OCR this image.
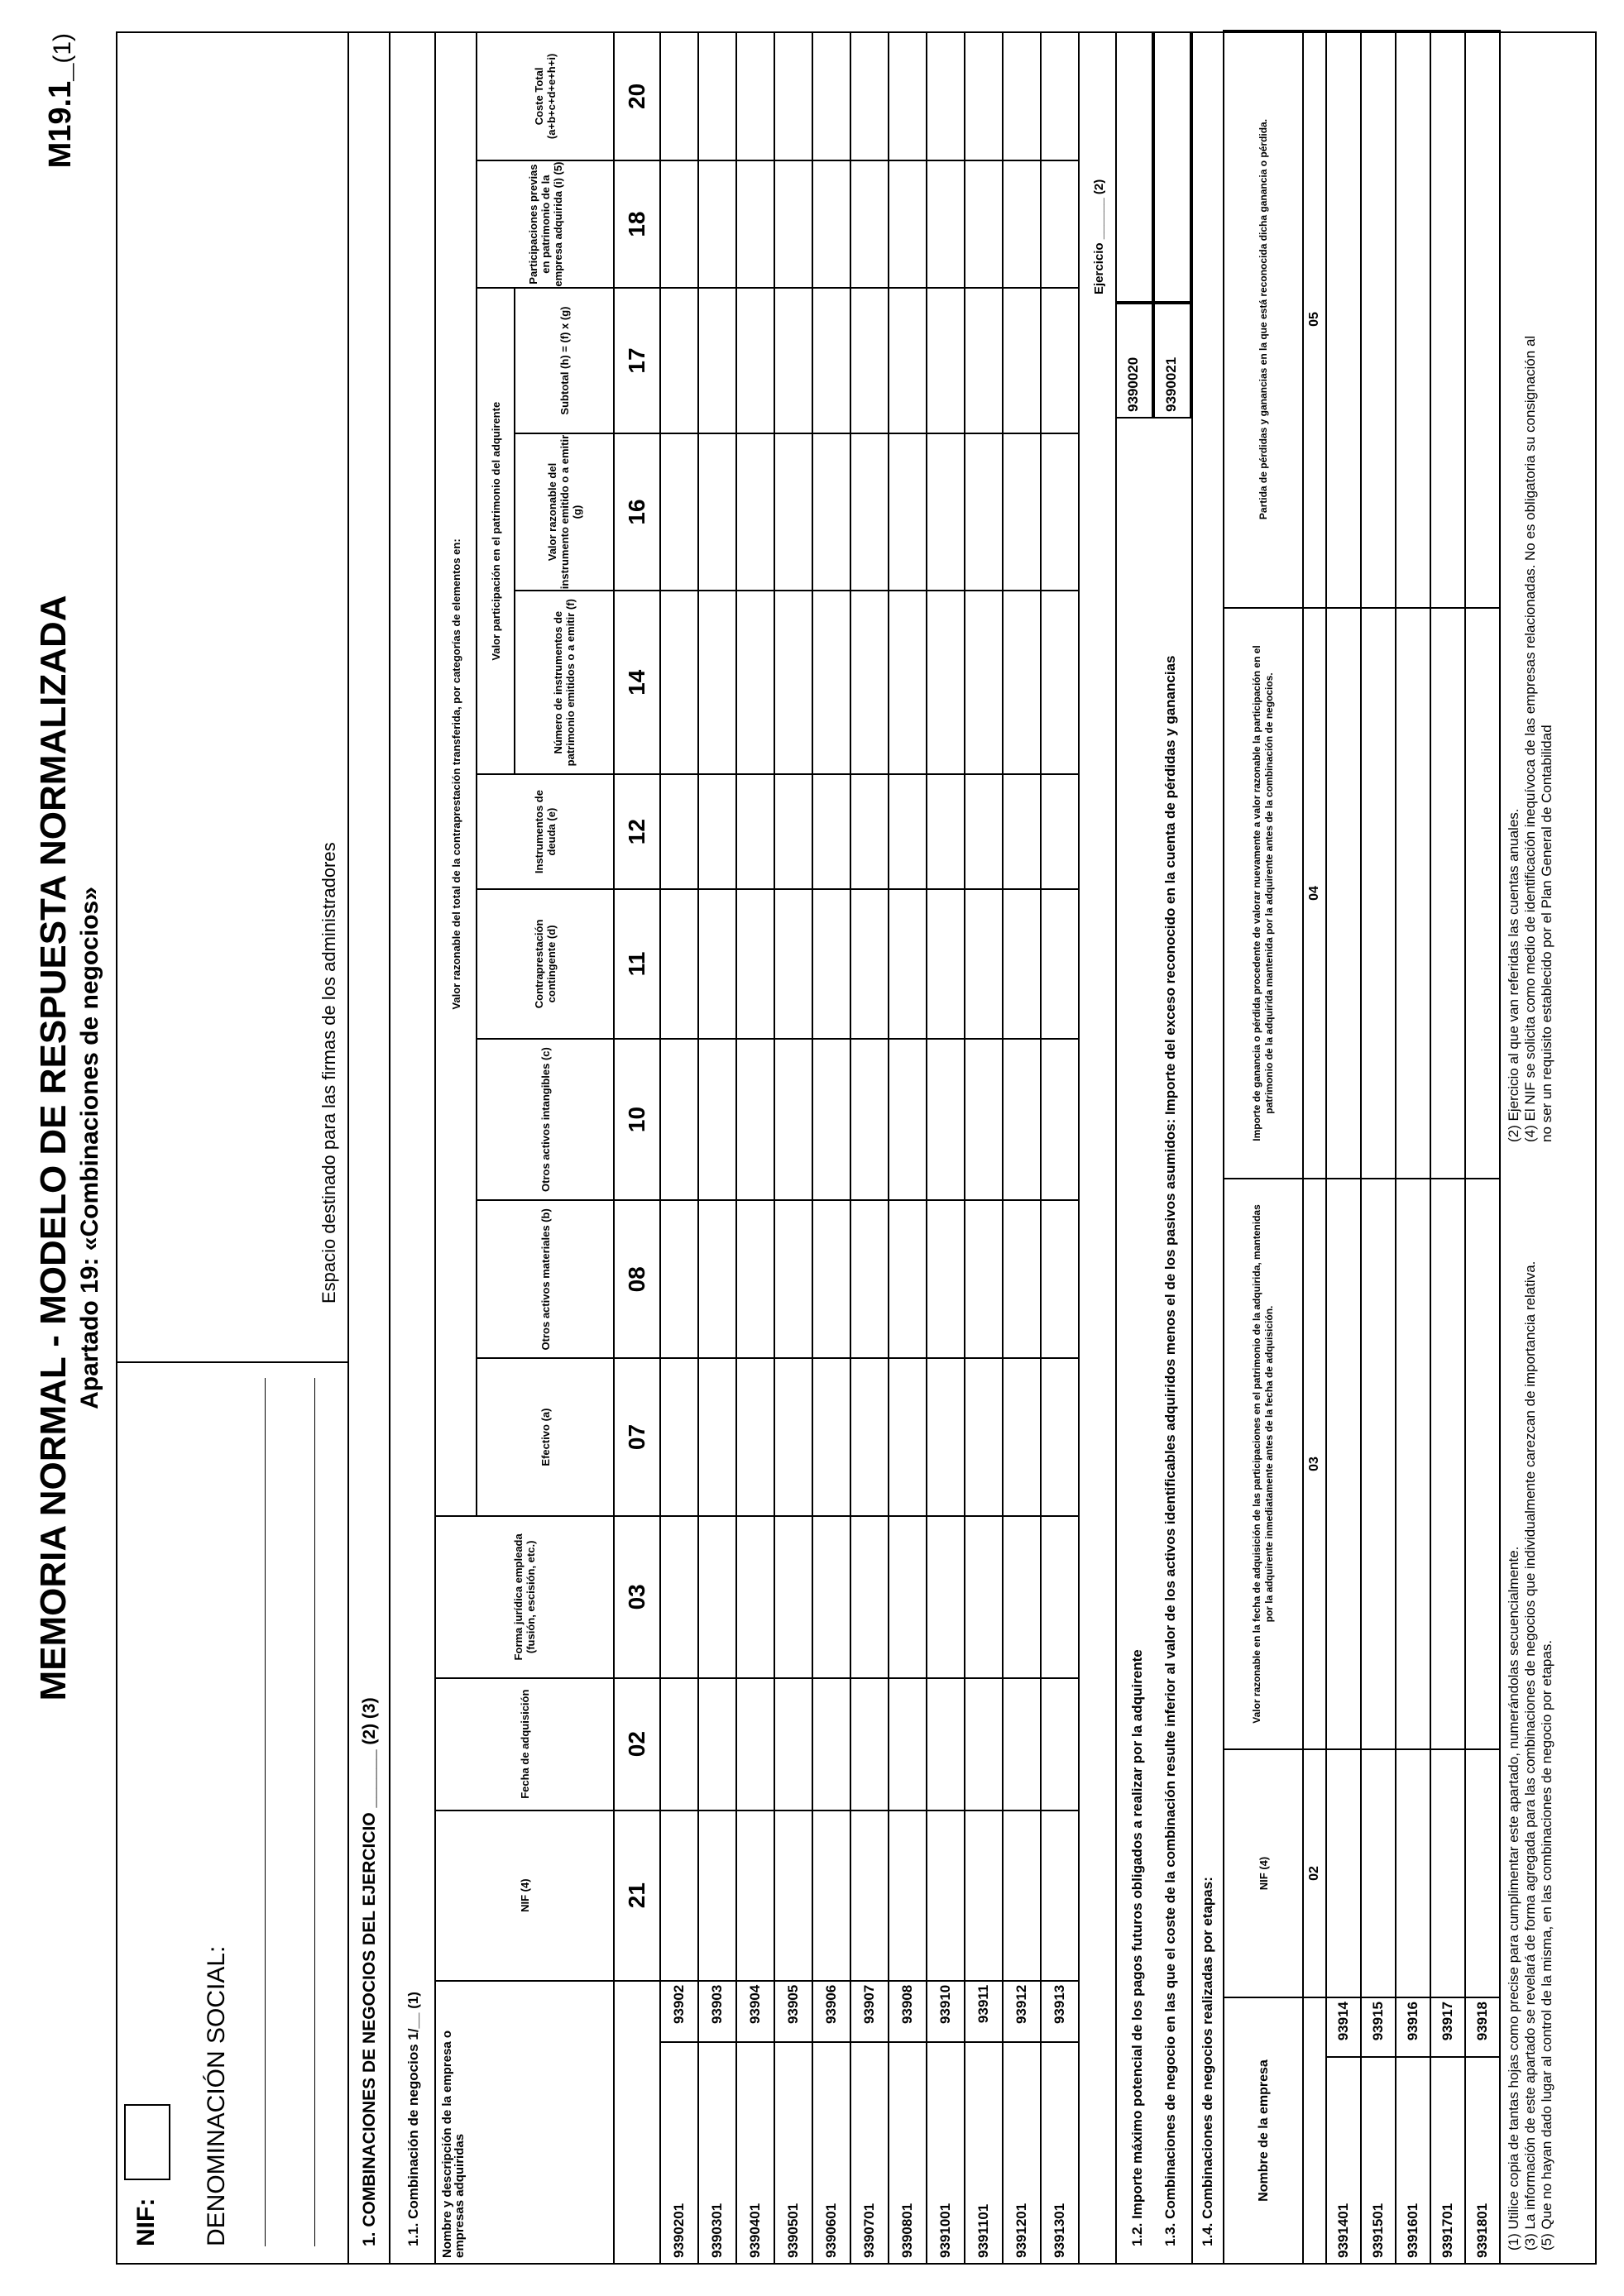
MEMORIA NORMAL - MODELO DE RESPUESTA NORMALIZADA Apartado 19: «Combinaciones de negocios»
M19.1_(1)
NIF: DENOMINACIÓN SOCIAL:
Espacio destinado para las firmas de los administradores
1. COMBINACIONES DE NEGOCIOS DEL EJERCICIO ______ (2) (3) 1.1. Combinación de negocios 1/__ (1) Nombre y descripción de la empresa o empresas adquiridas		NIF (4)	Fecha de adquisición	Forma jurídica empleada (fusión, escisión, etc.)	Valor razonable del total de la contraprestación transferida, por categorías de elementos en:									
					Efectivo (a)	Otros activos materiales (b)	Otros activos intangibles (c)	Contraprestación contingente (d)	Instrumentos de deuda (e)	Valor participación en el patrimonio del adquirente			Participaciones previas en patrimonio de la empresa adquirida (i) (5)	Coste Total (a+b+c+d+e+h+i)
										Número de instrumentos de patrimonio emitidos o a emitir (f)	Valor razonable del instrumento emitido o a emitir (g)	Subtotal (h) = (f) x (g)		
		21	02	03	07	08	10	11	12	14	16	17	18	20
9390201	93902													
9390301	93903													
9390401	93904													
9390501	93905													
9390601	93906													
9390701	93907													
9390801	93908													
9391001	93910													
9391101	93911													
9391201	93912													
9391301	93913													
Ejercicio ______ (2)
1.2. Importe máximo potencial de los pagos futuros obligados a realizar por la adquirente 1.3. Combinaciones de negocio en las que el coste de la combinación resulte inferior al valor de los activos identificables adquiridos menos el de los pasivos asumidos: Importe del exceso reconocido en la cuenta de pérdidas y ganancias
9390020	9390021
1.4. Combinaciones de negocios realizadas por etapas:	Nombre de la empresa		NIF (4)	Valor razonable en la fecha de adquisición de las participaciones en el patrimonio de la adquirida, mantenidas por la adquirente inmediatamente antes de la fecha de adquisición.	Importe de ganancia o pérdida procedente de valorar nuevamente a valor razonable la participación en el patrimonio de la adquirida mantenida por la adquirente antes de la combinación de negocios.	Partida de pérdidas y ganancias en la que está reconocida dicha ganancia o pérdida.
		02	03	04	05
9391401	93914				
9391501	93915				
9391601	93916				
9391701	93917				
9391801	93918				(1) Utilice copia de tantas hojas como precise para cumplimentar este apartado, numerándolas secuencialmente. (3) La información de este apartado se revelará de forma agregada para las combinaciones de negocios que individualmente carezcan de importancia relativa. (5) Que no hayan dado lugar al control de la misma, en las combinaciones de negocio por etapas.
(2) Ejercicio al que van referidas las cuentas anuales. (4) El NIF se solicita como medio de identificación inequívoca de las empresas relacionadas. No es obligatoria su consignación al no ser un requisito establecido por el Plan General de Contabilidad
